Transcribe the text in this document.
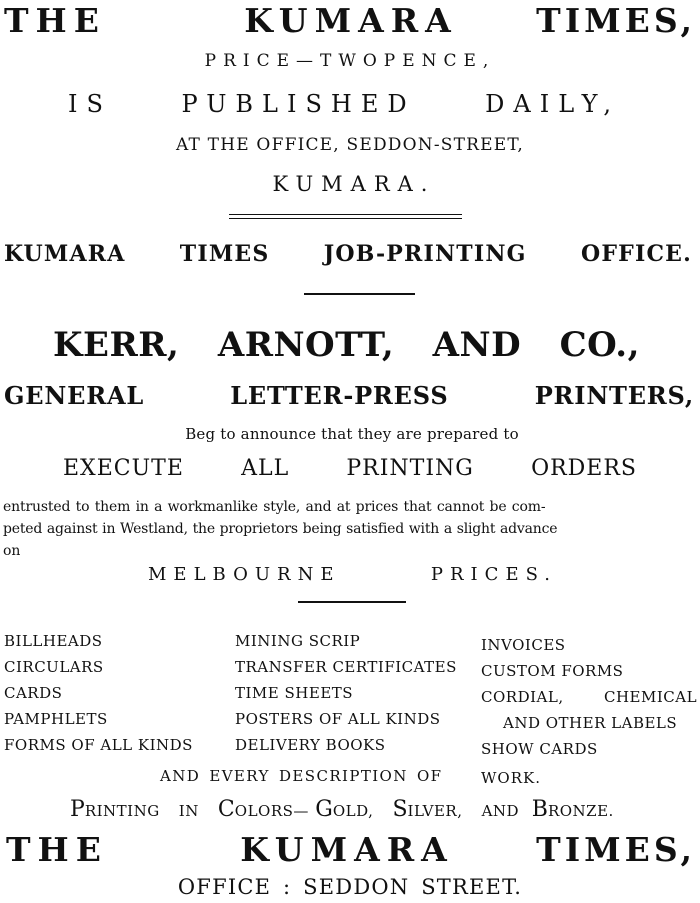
THE	KUMARA TIMES,
PRICE—TWOPENCE,
IS	PUBLISHED	DAILY,
AT THE OFFICE, SEDDON-STREET,
KUMARA.
KUMARA TIMES JOB-PRINTING OFFICE.
KERR, ARNOTT, AND CO.,
GENERAL	LETTER-PRESS	PRINTERS,
Beg to announce that they are prepared to
EXECUTE	ALL	PRINTING	ORDERS
entrusted to them in a workmanlike style, and at prices that cannot be com-
peted against in Westland, the proprietors being satisfied with a slight advance
on
MELBOURNE	PRICES.
BILLHEADS
CIRCULARS
CARDS
PAMPHLETS
FORMS OF ALL KINDS
MINING SCRIP
TRANSFER CERTIFICATES
TIME SHEETS
POSTERS OF ALL KINDS
DELIVERY BOOKS
INVOICES
CUSTOM FORMS
CORDIAL,	CHEMICAL
AND OTHER LABELS
SHOW CARDS
AND EVERY DESCRIPTION OF	WORK.
PRINTING IN COLORS— GOLD, SILVER, AND BRONZE.
THE	KUMARA TIMES,
OFFICE : SEDDON STREET.
